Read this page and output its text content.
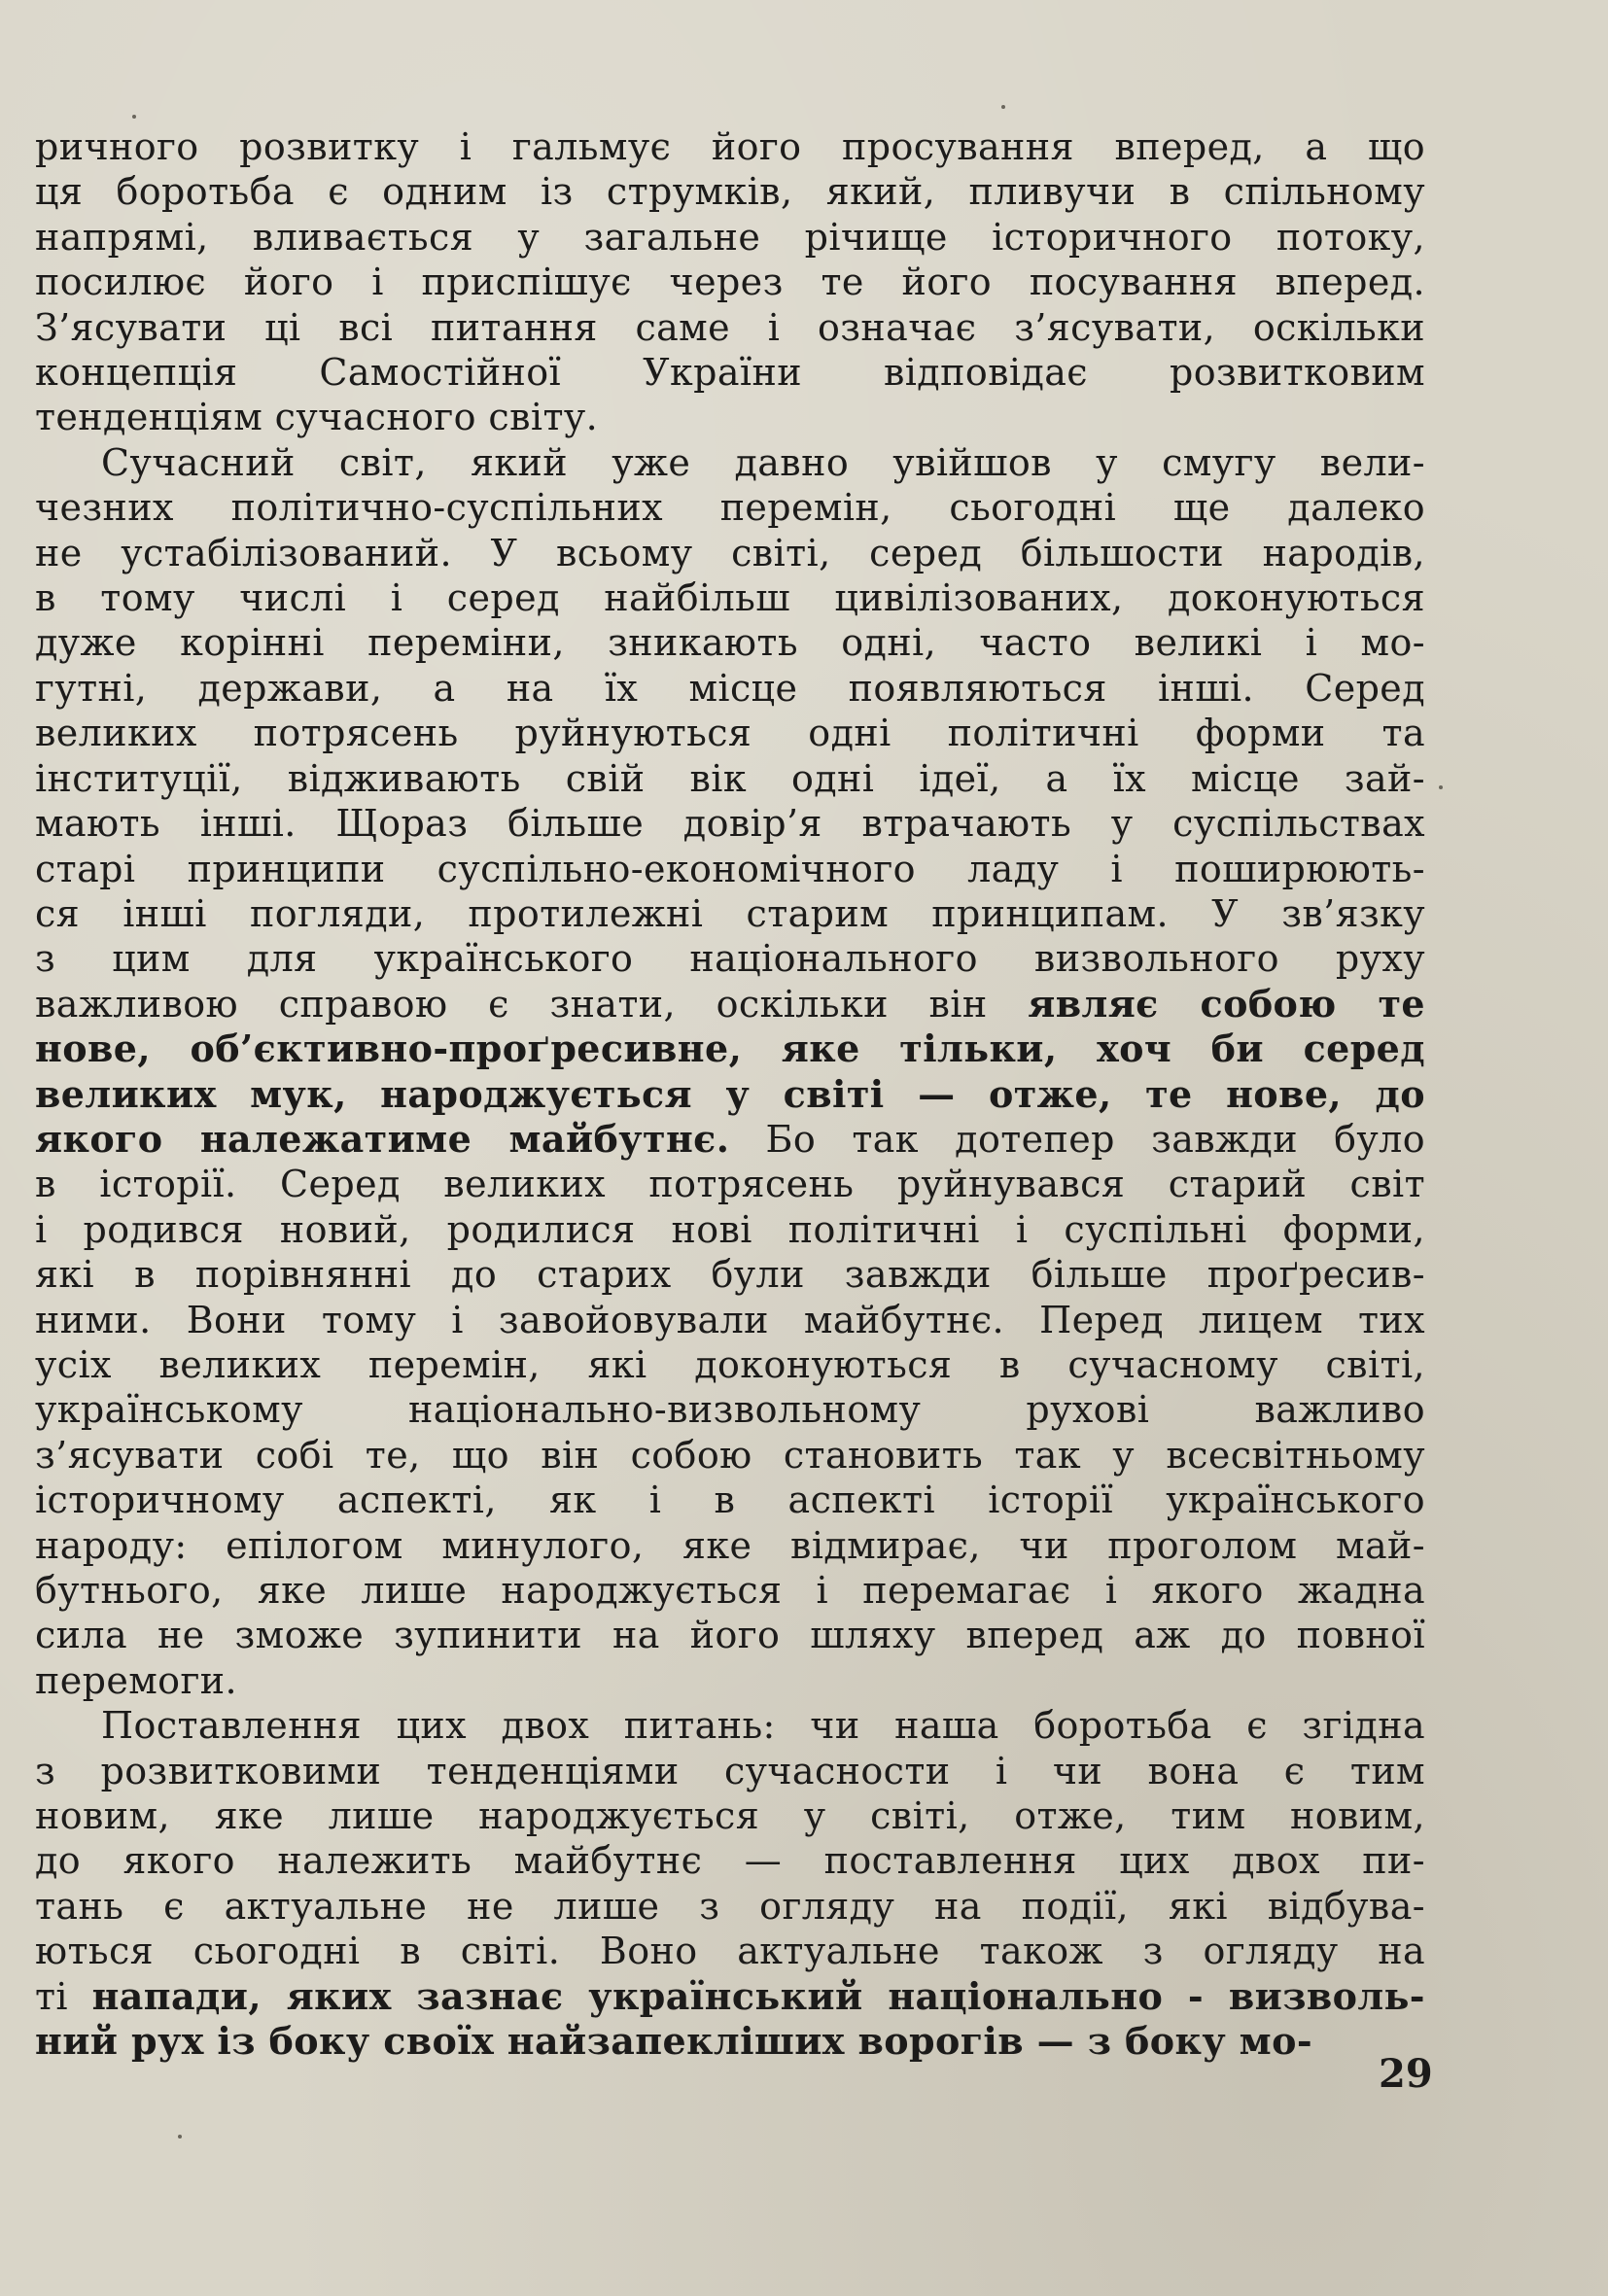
ричного розвитку і гальмує його просування вперед, а що
ця боротьба є одним із струмків, який, пливучи в спільному
напрямі, вливається у загальне річище історичного потоку,
посилює його і приспішує через те його посування вперед.
З’ясувати ці всі питання саме і означає з’ясувати, оскільки
концепція Самостійної України відповідає розвитковим
тенденціям сучасного світу.

Сучасний світ, який уже давно увійшов у смугу вели-
чезних політично-суспільних перемін, сьогодні ще далеко
не устабілізований. У всьому світі, серед більшости народів,
в тому числі і серед найбільш цивілізованих, доконуються
дуже корінні переміни, зникають одні, часто великі і мо-
гутні, держави, а на їх місце появляються інші. Серед
великих потрясень руйнуються одні політичні форми та
інституції, відживають свій вік одні ідеї, а їх місце зай-
мають інші. Щораз більше довір’я втрачають у суспільствах
старі принципи суспільно-економічного ладу і поширюють-
ся інші погляди, протилежні старим принципам. У зв’язку
з цим для українського національного визвольного руху
важливою справою є знати, оскільки він являє собою те
нове, об’єктивно-проґресивне, яке тільки, хоч би серед
великих мук, народжується у світі — отже, те нове, до
якого належатиме майбутнє. Бо так дотепер завжди було
в історії. Серед великих потрясень руйнувався старий світ
і родився новий, родилися нові політичні і суспільні форми,
які в порівнянні до старих були завжди більше проґресив-
ними. Вони тому і завойовували майбутнє. Перед лицем тих
усіх великих перемін, які доконуються в сучасному світі,
українському національно-визвольному рухові важливо
з’ясувати собі те, що він собою становить так у всесвітньому
історичному аспекті, як і в аспекті історії українського
народу: епілогом минулого, яке відмирає, чи проголом май-
бутнього, яке лише народжується і перемагає і якого жадна
сила не зможе зупинити на його шляху вперед аж до повної
перемоги.

Поставлення цих двох питань: чи наша боротьба є згідна
з розвитковими тенденціями сучасности і чи вона є тим
новим, яке лише народжується у світі, отже, тим новим,
до якого належить майбутнє — поставлення цих двох пи-
тань є актуальне не лише з огляду на події, які відбува-
ються сьогодні в світі. Воно актуальне також з огляду на
ті напади, яких зазнає український національно - визволь-
ний рух із боку своїх найзапекліших ворогів — з боку мо-

29
